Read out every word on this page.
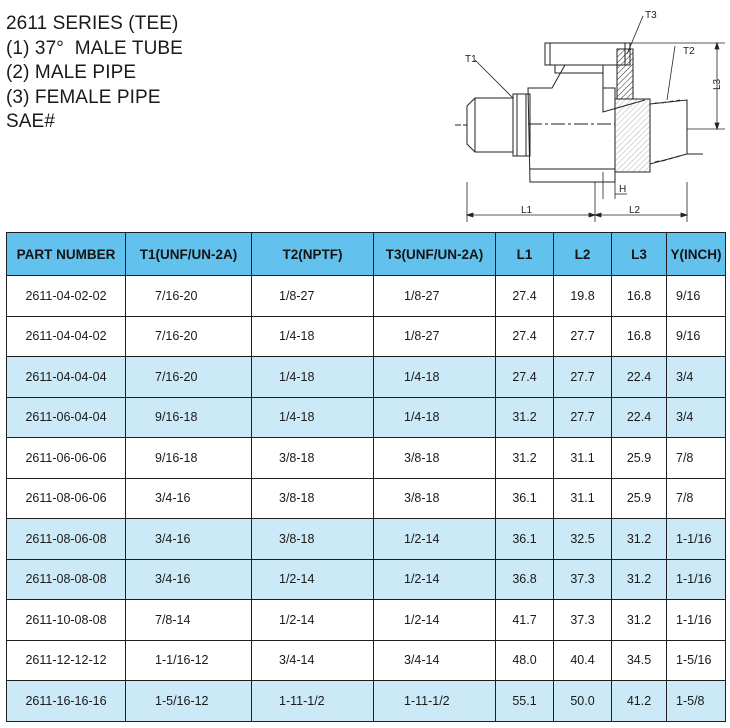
2611 SERIES (TEE)
(1) 37°  MALE TUBE
(2) MALE PIPE
(3) FEMALE PIPE
SAE#
T1
T2
T3
L1	L2
L3
H
PART NUMBER	T1(UNF/UN-2A)	T2(NPTF)	T3(UNF/UN-2A)	L1	L2	L3	Y(INCH)
2611-04-02-02	7/16-20	1/8-27	1/8-27	27.4	19.8	16.8	9/16
2611-04-04-02	7/16-20	1/4-18	1/8-27	27.4	27.7	16.8	9/16
2611-04-04-04	7/16-20	1/4-18	1/4-18	27.4	27.7	22.4	3/4
2611-06-04-04	9/16-18	1/4-18	1/4-18	31.2	27.7	22.4	3/4
2611-06-06-06	9/16-18	3/8-18	3/8-18	31.2	31.1	25.9	7/8
2611-08-06-06	3/4-16	3/8-18	3/8-18	36.1	31.1	25.9	7/8
2611-08-06-08	3/4-16	3/8-18	1/2-14	36.1	32.5	31.2	1-1/16
2611-08-08-08	3/4-16	1/2-14	1/2-14	36.8	37.3	31.2	1-1/16
2611-10-08-08	7/8-14	1/2-14	1/2-14	41.7	37.3	31.2	1-1/16
2611-12-12-12	1-1/16-12	3/4-14	3/4-14	48.0	40.4	34.5	1-5/16
2611-16-16-16	1-5/16-12	1-11-1/2	1-11-1/2	55.1	50.0	41.2	1-5/8
